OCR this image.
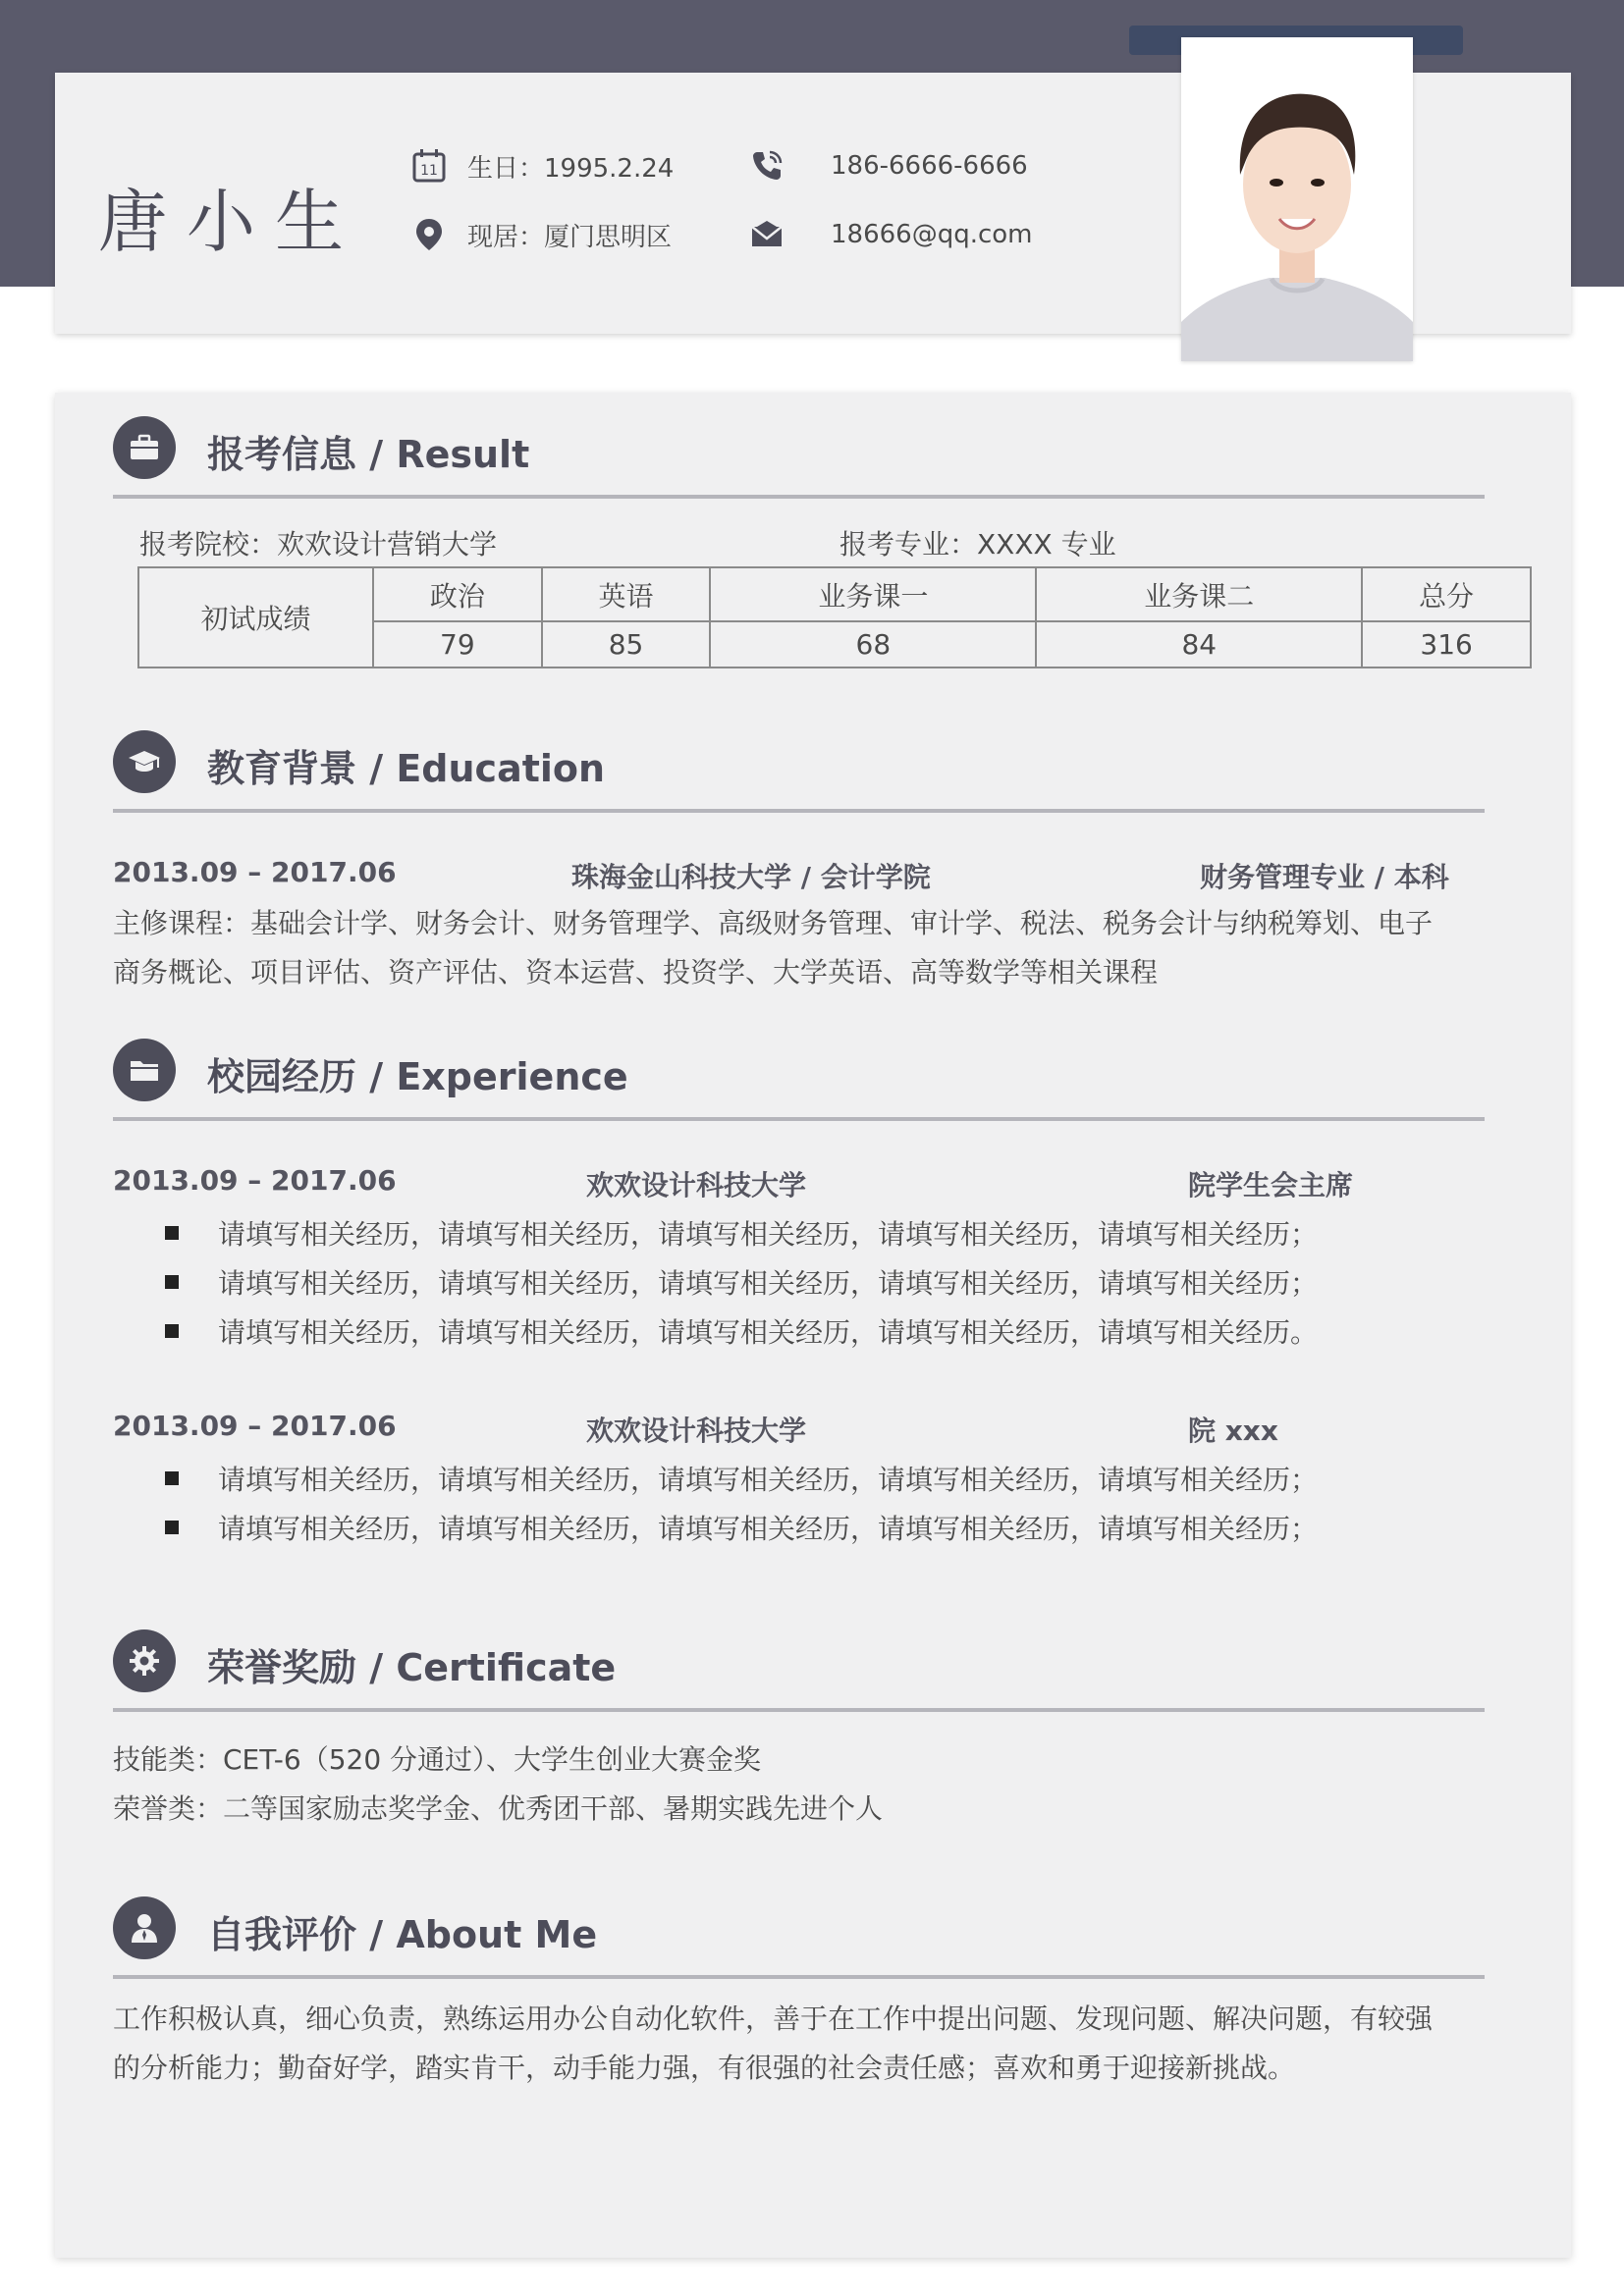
唐小生
11 生日：1995.2.24
现居：厦门思明区
186-6666-6666
18666@qq.com
报考信息 / Result
报考院校：欢欢设计营销大学	报考专业：XXXX 专业
初试成绩	政治	英语	业务课一	业务课二	总分
	79	85	68	84	316
教育背景 / Education
2013.09 – 2017.06	珠海金山科技大学 / 会计学院	财务管理专业 / 本科
主修课程：基础会计学、财务会计、财务管理学、高级财务管理、审计学、税法、税务会计与纳税筹划、电子
商务概论、项目评估、资产评估、资本运营、投资学、大学英语、高等数学等相关课程
校园经历 / Experience
2013.09 – 2017.06	欢欢设计科技大学	院学生会主席
请填写相关经历，请填写相关经历，请填写相关经历，请填写相关经历，请填写相关经历；
请填写相关经历，请填写相关经历，请填写相关经历，请填写相关经历，请填写相关经历；
请填写相关经历，请填写相关经历，请填写相关经历，请填写相关经历，请填写相关经历。
2013.09 – 2017.06	欢欢设计科技大学	院 xxx
请填写相关经历，请填写相关经历，请填写相关经历，请填写相关经历，请填写相关经历；
请填写相关经历，请填写相关经历，请填写相关经历，请填写相关经历，请填写相关经历；
荣誉奖励 / Certificate
技能类：CET-6（520 分通过）、大学生创业大赛金奖
荣誉类：二等国家励志奖学金、优秀团干部、暑期实践先进个人
自我评价 / About Me
工作积极认真，细心负责，熟练运用办公自动化软件，善于在工作中提出问题、发现问题、解决问题，有较强
的分析能力；勤奋好学，踏实肯干，动手能力强，有很强的社会责任感；喜欢和勇于迎接新挑战。
